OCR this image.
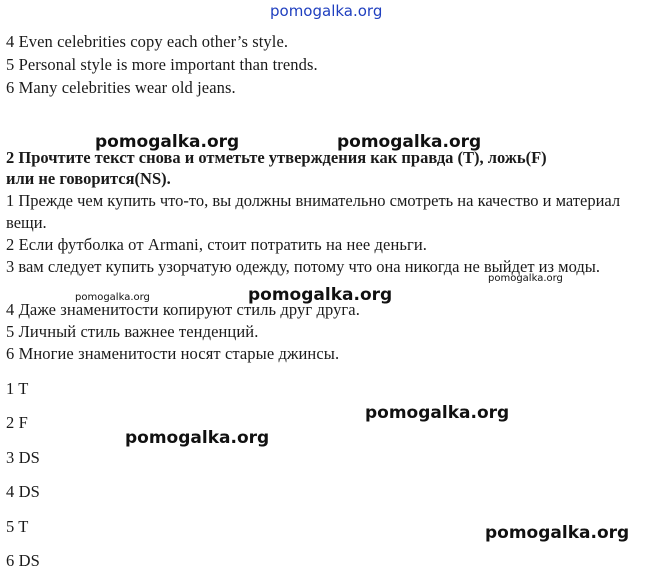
pomogalka.org
4 Even celebrities copy each other’s style.
5 Personal style is more important than trends.
6 Many celebrities wear old jeans.
pomogalka.org	pomogalka.org
2 Прочтите текст снова и отметьте утверждения как правда (T), ложь(F)
или не говорится(NS).
1 Прежде чем купить что-то, вы должны внимательно смотреть на качество и материал вещи.
2 Если футболка от Armani, стоит потратить на нее деньги.
3 вам следует купить узорчатую одежду, потому что она никогда не выйдет из моды.
pomogalka.org
pomogalka.org
pomogalka.org
4 Даже знаменитости копируют стиль друг друга.
5 Личный стиль важнее тенденций.
6 Многие знаменитости носят старые джинсы.
1 T
2 F
3 DS
4 DS
5 T
6 DS
pomogalka.org
pomogalka.org
pomogalka.org
